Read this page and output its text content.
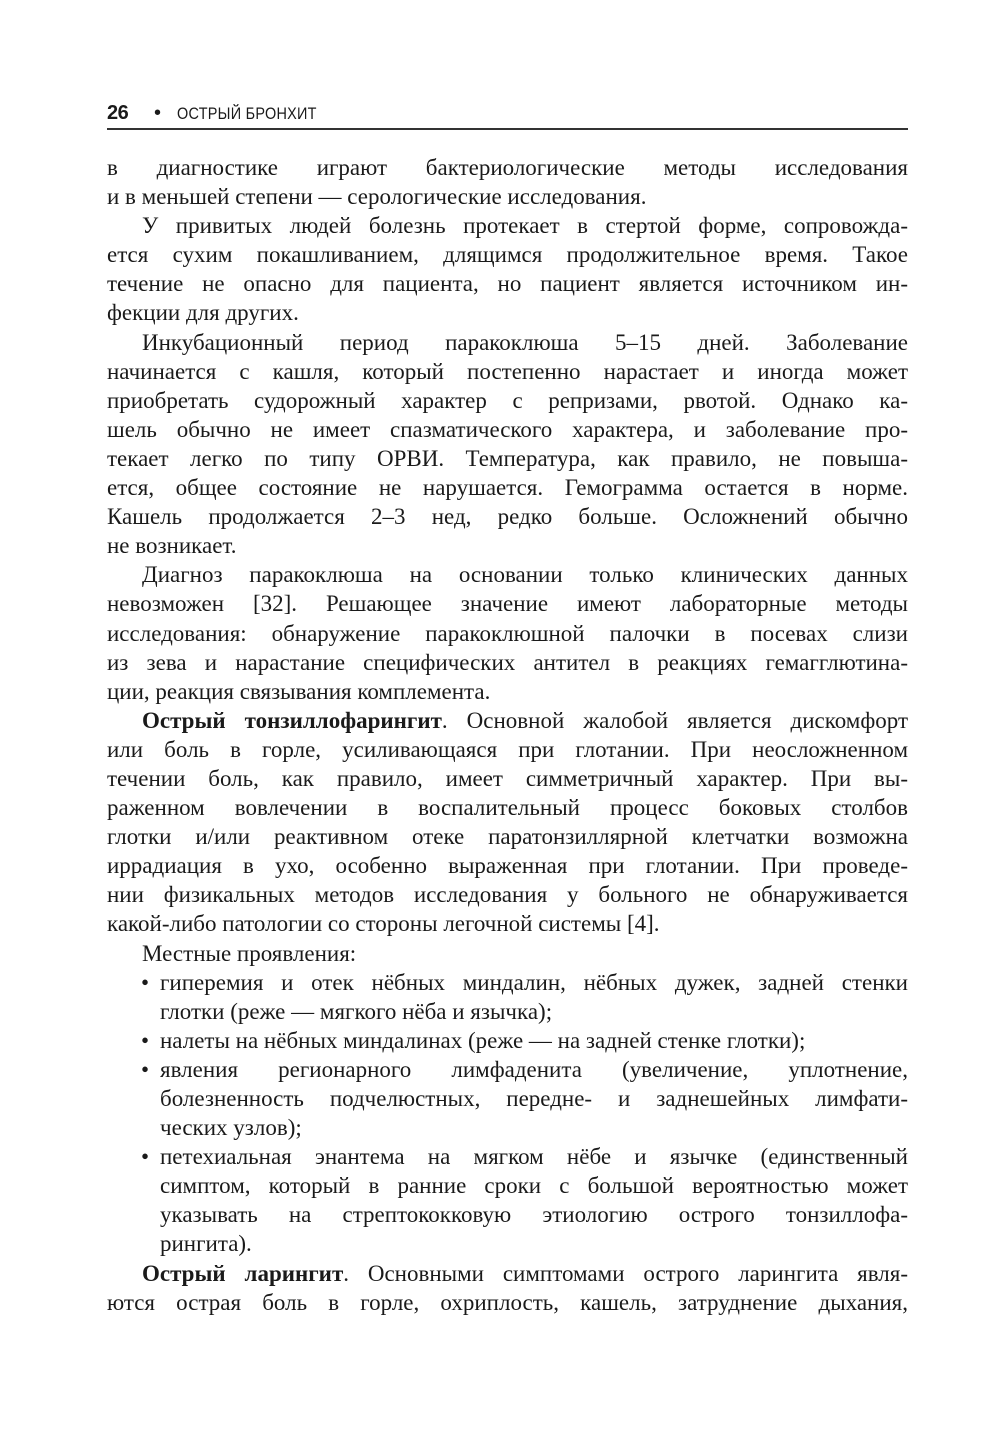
26 • ОСТРЫЙ БРОНХИТ
в диагностике играют бактериологические методы исследования
и в меньшей степени — серологические исследования.
У привитых людей болезнь протекает в стертой форме, сопровожда-
ется сухим покашливанием, длящимся продолжительное время. Такое
течение не опасно для пациента, но пациент является источником ин-
фекции для других.
Инкубационный период паракоклюша 5–15 дней. Заболевание
начинается с кашля, который постепенно нарастает и иногда может
приобретать судорожный характер с репризами, рвотой. Однако ка-
шель обычно не имеет спазматического характера, и заболевание про-
текает легко по типу ОРВИ. Температура, как правило, не повыша-
ется, общее состояние не нарушается. Гемограмма остается в норме.
Кашель продолжается 2–3 нед, редко больше. Осложнений обычно
не возникает.
Диагноз паракоклюша на основании только клинических данных
невозможен [32]. Решающее значение имеют лабораторные методы
исследования: обнаружение паракоклюшной палочки в посевах слизи
из зева и нарастание специфических антител в реакциях гемагглютина-
ции, реакция связывания комплемента.
Острый тонзиллофарингит. Основной жалобой является дискомфорт
или боль в горле, усиливающаяся при глотании. При неосложненном
течении боль, как правило, имеет симметричный характер. При вы-
раженном вовлечении в воспалительный процесс боковых столбов
глотки и/или реактивном отеке паратонзиллярной клетчатки возможна
иррадиация в ухо, особенно выраженная при глотании. При проведе-
нии физикальных методов исследования у больного не обнаруживается
какой-либо патологии со стороны легочной системы [4].
Местные проявления:
• гиперемия и отек нёбных миндалин, нёбных дужек, задней стенки
глотки (реже — мягкого нёба и язычка);
• налеты на нёбных миндалинах (реже — на задней стенке глотки);
• явления регионарного лимфаденита (увеличение, уплотнение,
болезненность подчелюстных, передне- и заднешейных лимфати-
ческих узлов);
• петехиальная энантема на мягком нёбе и язычке (единственный
симптом, который в ранние сроки с большой вероятностью может
указывать на стрептококковую этиологию острого тонзиллофа-
рингита).
Острый ларингит. Основными симптомами острого ларингита явля-
ются острая боль в горле, охриплость, кашель, затруднение дыхания,
